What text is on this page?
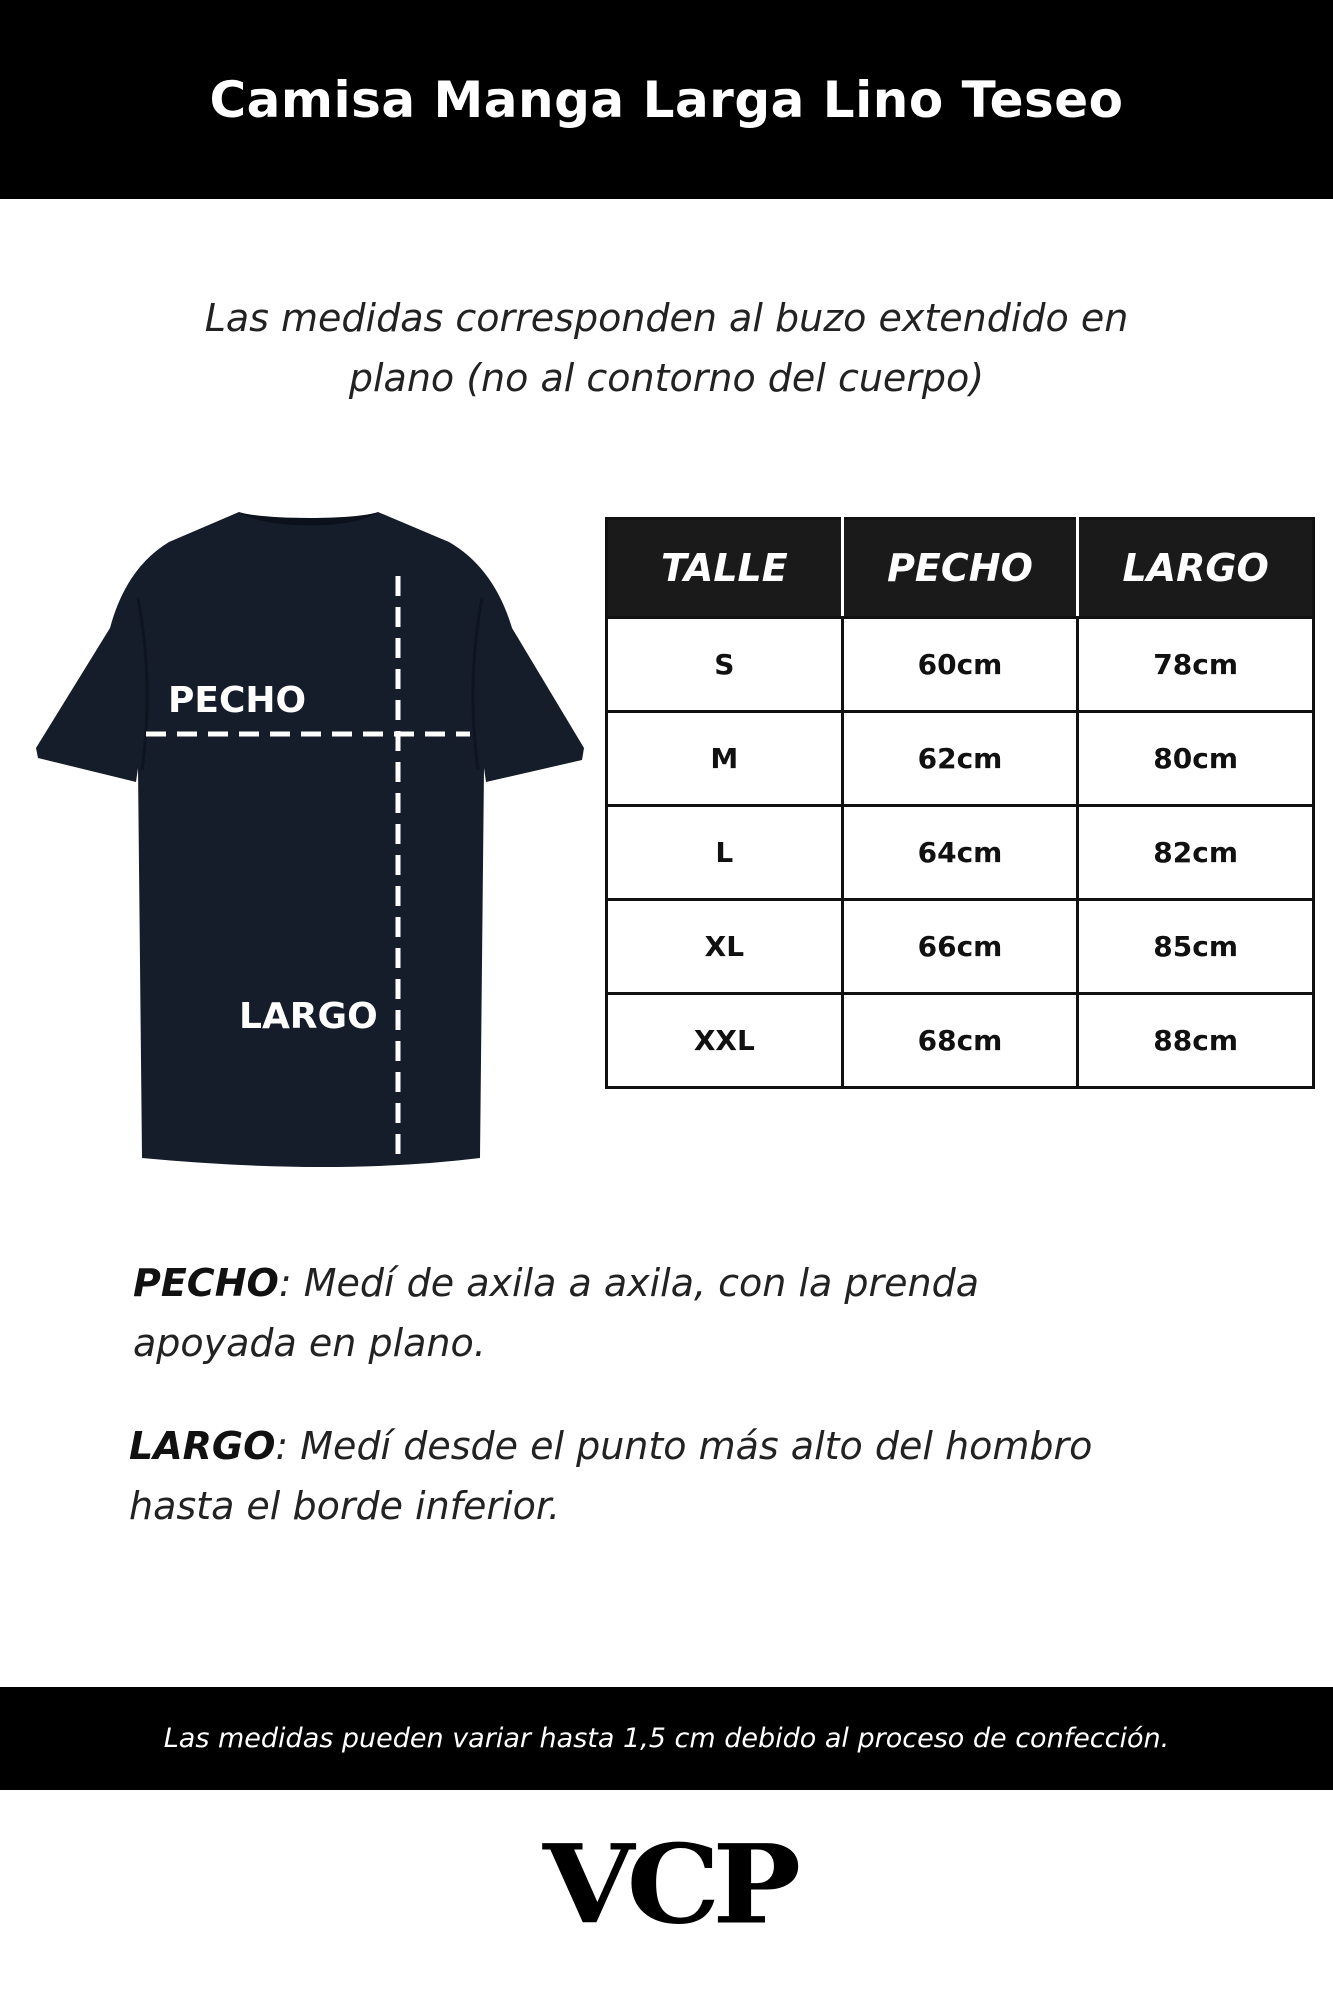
Camisa Manga Larga Lino Teseo
Las medidas corresponden al buzo extendido en
plano (no al contorno del cuerpo)
PECHO
LARGO
TALLE	PECHO	LARGO
S	60cm	78cm
M	62cm	80cm
L	64cm	82cm
XL	66cm	85cm
XXL	68cm	88cm
PECHO: Medí de axila a axila, con la prenda
apoyada en plano.
LARGO: Medí desde el punto más alto del hombro
hasta el borde inferior.
Las medidas pueden variar hasta 1,5 cm debido al proceso de confección.
VCP
